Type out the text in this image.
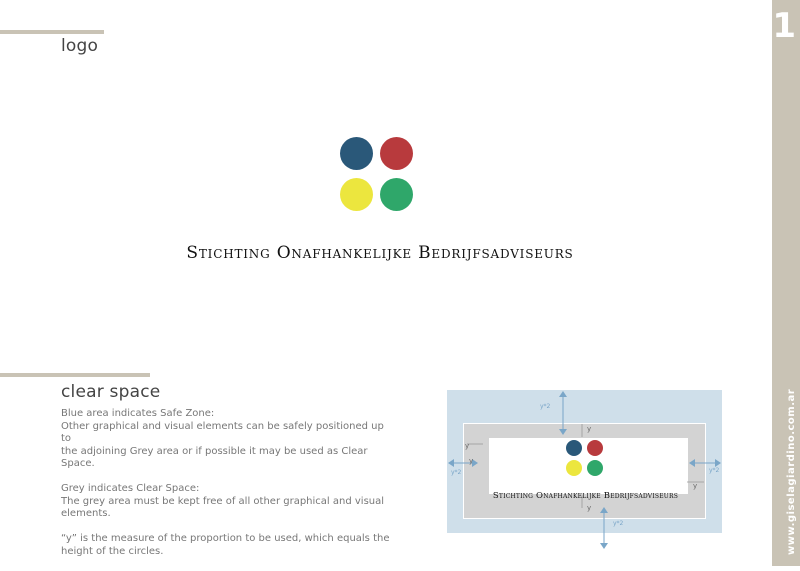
logo
clear space
1
www.giselagiardino.com.ar
Stichting Onafhankelijke Bedrijfsadviseurs

Blue area indicates Safe Zone:
Other graphical and visual elements can be safely positioned up to
the adjoining Grey area or if possible it may be used as Clear Space.

Grey indicates Clear Space:
The grey area must be kept free of all other graphical and visual
elements.

“y” is the measure of the proportion to be used, which equals the
height of the circles.

Stichting Onafhankelijke Bedrijfsadviseurs
y*2
y*2	y*2
y*2
y
y
y
y
y
